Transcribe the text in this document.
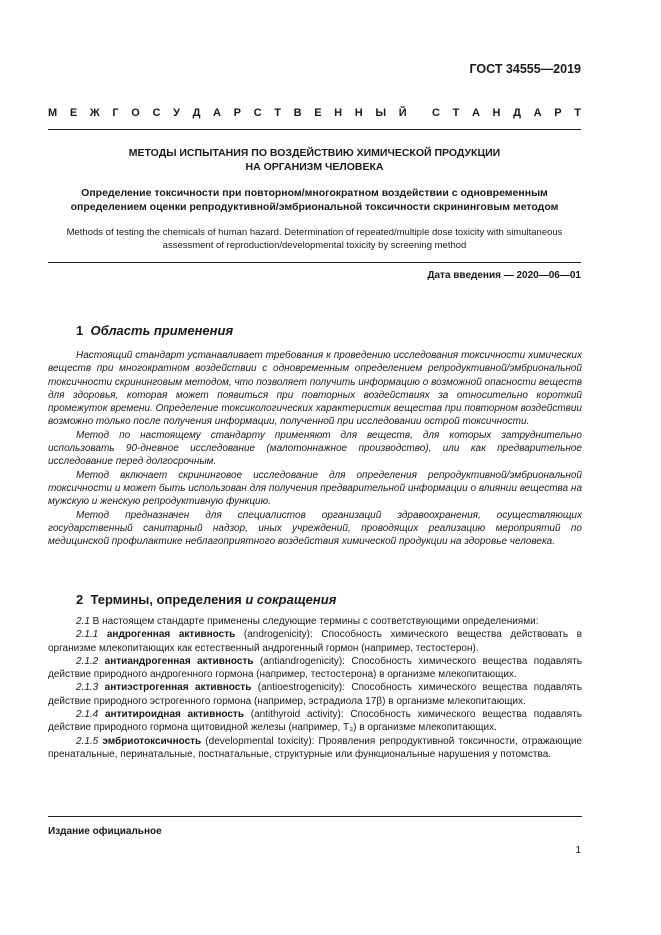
ГОСТ 34555—2019
М Е Ж Г О С У Д А Р С Т В Е Н Н Ы Й С Т А Н Д А Р Т
МЕТОДЫ ИСПЫТАНИЯ ПО ВОЗДЕЙСТВИЮ ХИМИЧЕСКОЙ ПРОДУКЦИИ
НА ОРГАНИЗМ ЧЕЛОВЕКА
Определение токсичности при повторном/многократном воздействии с одновременным
определением оценки репродуктивной/эмбриональной токсичности скрининговым методом
Methods of testing the chemicals of human hazard. Determination of repeated/multiple dose toxicity with simultaneous
assessment of reproduction/developmental toxicity by screening method
Дата введения — 2020—06—01
1 Область применения

Настоящий стандарт устанавливает требования к проведению исследования токсичности химических веществ при многократном воздействии с одновременным определением репродуктивной/эмбриональной токсичности скрининговым методом, что позволяет получить информацию о возможной опасности веществ для здоровья, которая может появиться при повторных воздействиях за относительно короткий промежуток времени. Определение токсикологических характеристик вещества при повторном воздействии возможно только после получения информации, полученной при исследовании острой токсичности.

Метод по настоящему стандарту применяют для веществ, для которых затруднительно использовать 90-дневное исследование (малотоннажное производство), или как предварительное исследование перед долгосрочным.

Метод включает скрининговое исследование для определения репродуктивной/эмбриональной токсичности и может быть использован для получения предварительной информации о влиянии вещества на мужскую и женскую репродуктивную функцию.

Метод предназначен для специалистов организаций здравоохранения, осуществляющих государственный санитарный надзор, иных учреждений, проводящих реализацию мероприятий по медицинской профилактике неблагоприятного воздействия химической продукции на здоровье человека.

2 Термины, определения и сокращения

2.1 В настоящем стандарте применены следующие термины с соответствующими определениями:

2.1.1 андрогенная активность (androgenicity): Способность химического вещества действовать в организме млекопитающих как естественный андрогенный гормон (например, тестостерон).

2.1.2 антиандрогенная активность (antiandrogenicity): Способность химического вещества подавлять действие природного андрогенного гормона (например, тестостерона) в организме млекопитающих.

2.1.3 антиэстрогенная активность (antioestrogenicity): Способность химического вещества подавлять действие природного эстрогенного гормона (например, эстрадиола 17β) в организме млекопитающих.

2.1.4 антитироидная активность (antithyroid activity): Способность химического вещества подавлять действие природного гормона щитовидной железы (например, Т₃) в организме млекопитающих.

2.1.5 эмбриотоксичность (developmental toxicity): Проявления репродуктивной токсичности, отражающие пренатальные, перинатальные, постнатальные, структурные или функциональные нарушения у потомства.

Издание официальное
1
